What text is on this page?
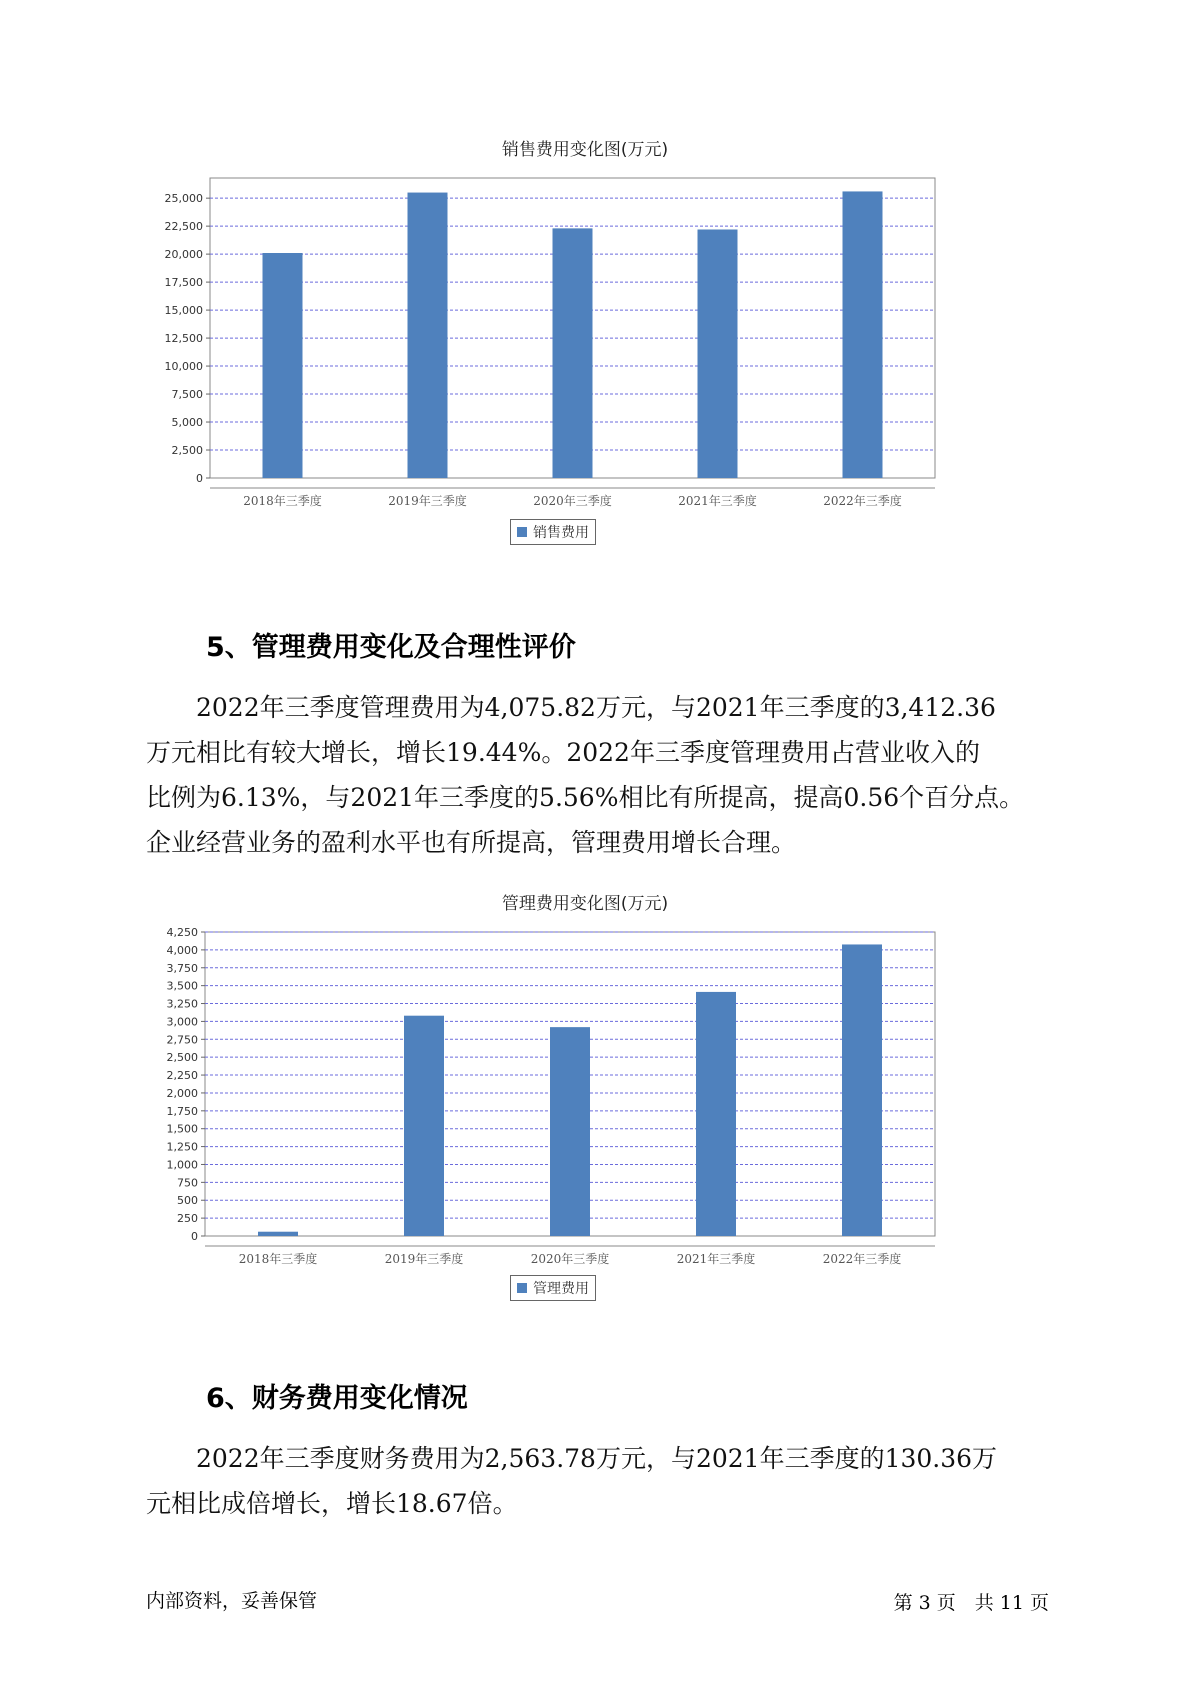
销售费用变化图(万元)
0
2,500
5,000
7,500
10,000
12,500
15,000
17,500
20,000
22,500
25,000
2018年三季度	2019年三季度	2020年三季度	2021年三季度	2022年三季度
销售费用
5、管理费用变化及合理性评价
　　2022年三季度管理费用为4,075.82万元，与2021年三季度的3,412.36
万元相比有较大增长，增长19.44%。2022年三季度管理费用占营业收入的
比例为6.13%，与2021年三季度的5.56%相比有所提高，提高0.56个百分点。
企业经营业务的盈利水平也有所提高，管理费用增长合理。
管理费用变化图(万元)
0
250
500
750
1,000
1,250
1,500
1,750
2,000
2,250
2,500
2,750
3,000
3,250
3,500
3,750
4,000
4,250
2018年三季度	2019年三季度	2020年三季度	2021年三季度	2022年三季度
管理费用
6、财务费用变化情况
　　2022年三季度财务费用为2,563.78万元，与2021年三季度的130.36万
元相比成倍增长，增长18.67倍。
内部资料，妥善保管	第 3 页　共 11 页
